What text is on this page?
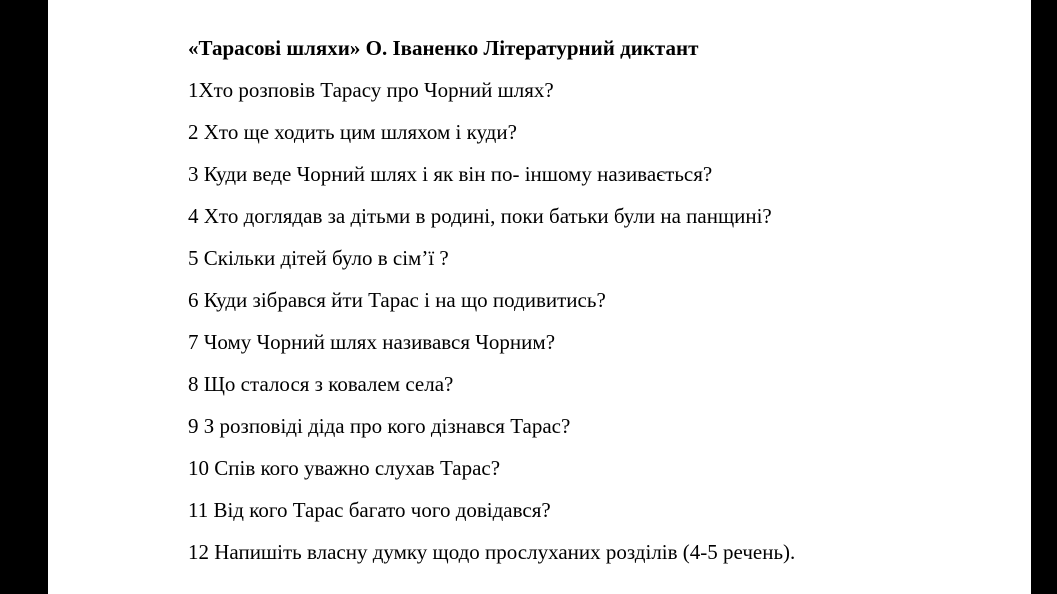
«Тарасові шляхи» О. Іваненко Літературний диктант
1Хто розповів Тарасу про Чорний шлях?
2 Хто ще ходить цим шляхом і куди?
3 Куди веде Чорний шлях і як він по- іншому називається?
4 Хто доглядав за дітьми в родині, поки батьки були на панщині?
5 Скільки дітей було в сім’ї ?
6 Куди зібрався йти Тарас і на що подивитись?
7 Чому Чорний шлях називався Чорним?
8 Що сталося з ковалем села?
9 З розповіді діда про кого дізнався Тарас?
10 Спів кого уважно слухав Тарас?
11 Від кого Тарас багато чого довідався?
12 Напишіть власну думку щодо прослуханих розділів (4-5 речень).
